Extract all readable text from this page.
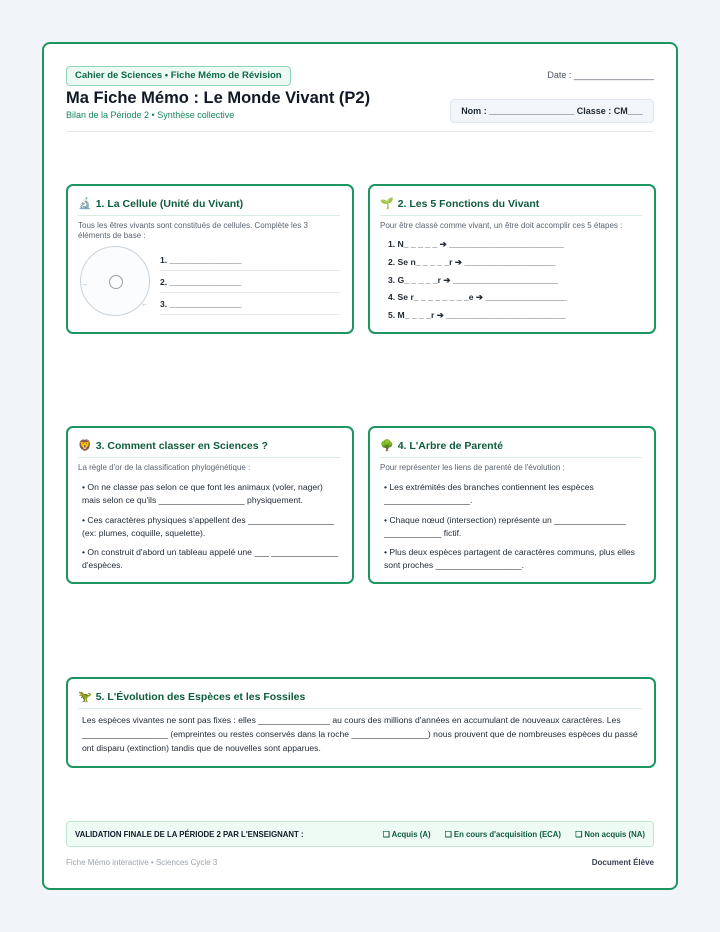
Cahier de Sciences • Fiche Mémo de Révision	Date : ________________
Ma Fiche Mémo : Le Monde Vivant (P2)
Bilan de la Période 2 • Synthèse collective	Nom : _________________ Classe : CM___
🔬 1. La Cellule (Unité du Vivant)
Tous les êtres vivants sont constitués de cellules. Complète les 3 éléments de base :
→
←
1. _______________
2. _______________
3. _______________
🌱 2. Les 5 Fonctions du Vivant
Pour être classé comme vivant, un être doit accomplir ces 5 étapes :
1. N_ _ _ _ _ ➔ ________________________
2. Se n_ _ _ _ _r ➔ ___________________
3. G_ _ _ _ _r ➔ ______________________
4. Se r_ _ _ _ _ _ _ _e ➔ _________________
5. M_ _ _ _r ➔ _________________________
🦁 3. Comment classer en Sciences ?
La règle d'or de la classification phylogénétique :
• On ne classe pas selon ce que font les animaux (voler, nager) mais selon ce qu'ils __________________ physiquement.
• Ces caractères physiques s'appellent des __________________ (ex: plumes, coquille, squelette).
• On construit d'abord un tableau appelé une ___ ______________ d'espèces.
🌳 4. L'Arbre de Parenté
Pour représenter les liens de parenté de l'évolution :
• Les extrémités des branches contiennent les espèces __________________.
• Chaque nœud (intersection) représente un _______________ ____________ fictif.
• Plus deux espèces partagent de caractères communs, plus elles sont proches __________________.
🦖 5. L'Évolution des Espèces et les Fossiles
Les espèces vivantes ne sont pas fixes : elles _______________ au cours des millions d'années en accumulant de nouveaux caractères. Les __________________ (empreintes ou restes conservés dans la roche ________________) nous prouvent que de nombreuses espèces du passé ont disparu (extinction) tandis que de nouvelles sont apparues.
VALIDATION FINALE DE LA PÉRIODE 2 PAR L'ENSEIGNANT :	❏ Acquis (A) ❏ En cours d'acquisition (ECA) ❏ Non acquis (NA)
Fiche Mémo interactive • Sciences Cycle 3	Document Élève
